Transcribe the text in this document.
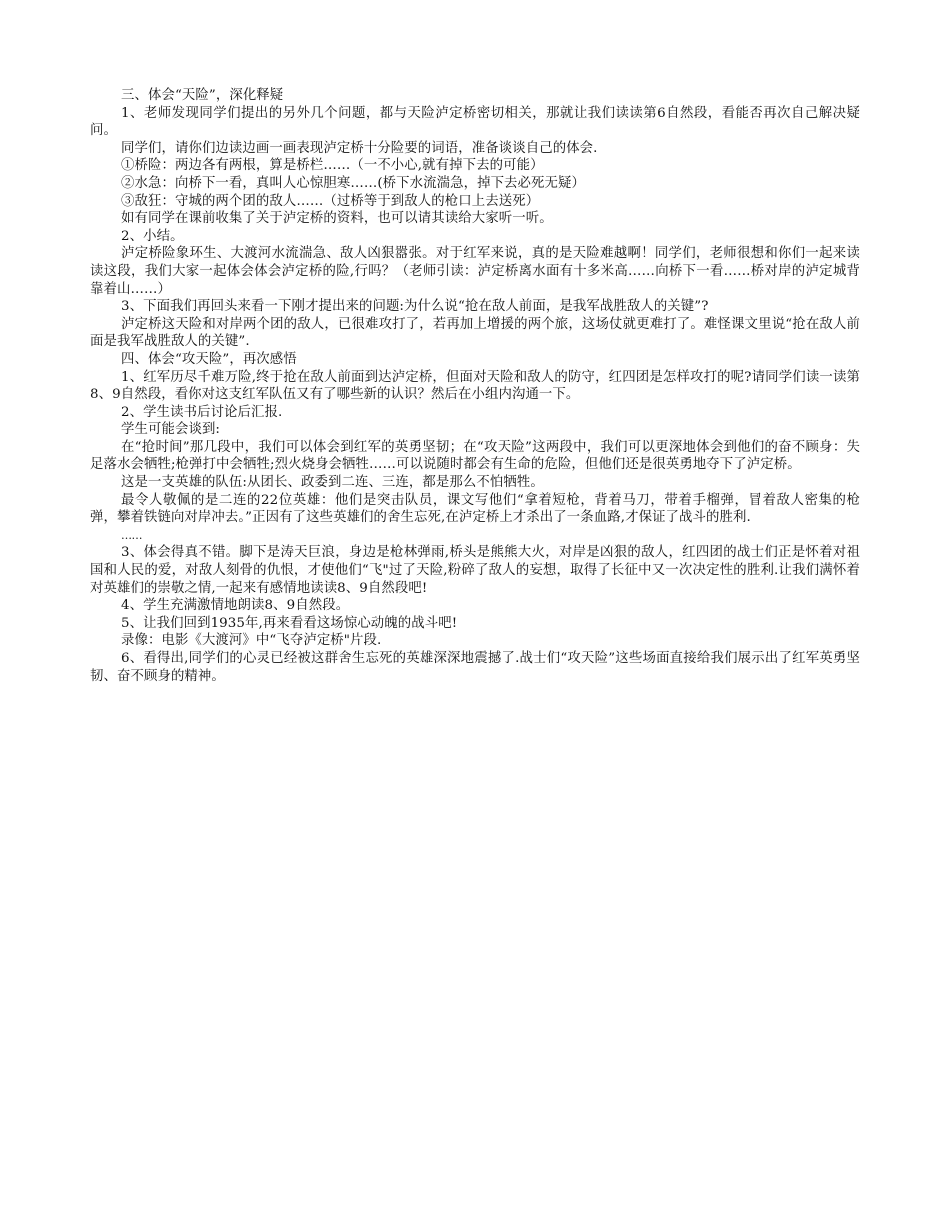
三、体会“天险”，深化释疑

1、老师发现同学们提出的另外几个问题，都与天险泸定桥密切相关，那就让我们读读第6自然段，看能否再次自己解决疑问。

同学们，请你们边读边画一画表现泸定桥十分险要的词语，准备谈谈自己的体会.

①桥险：两边各有两根，算是桥栏……（一不小心,就有掉下去的可能）

②水急：向桥下一看，真叫人心惊胆寒……(桥下水流湍急，掉下去必死无疑）

③敌狂：守城的两个团的敌人……（过桥等于到敌人的枪口上去送死）

如有同学在课前收集了关于泸定桥的资料，也可以请其读给大家听一听。

2、小结。

泸定桥险象环生、大渡河水流湍急、敌人凶狠嚣张。对于红军来说，真的是天险难越啊！同学们，老师很想和你们一起来读读这段，我们大家一起体会体会泸定桥的险,行吗？（老师引读：泸定桥离水面有十多米高……向桥下一看……桥对岸的泸定城背靠着山……）

3、下面我们再回头来看一下刚才提出来的问题:为什么说“抢在敌人前面，是我军战胜敌人的关键”?

泸定桥这天险和对岸两个团的敌人，已很难攻打了，若再加上增援的两个旅，这场仗就更难打了。难怪课文里说“抢在敌人前面是我军战胜敌人的关键”.

四、体会“攻天险”，再次感悟

1、红军历尽千难万险,终于抢在敌人前面到达泸定桥，但面对天险和敌人的防守，红四团是怎样攻打的呢?请同学们读一读第8、9自然段，看你对这支红军队伍又有了哪些新的认识？然后在小组内沟通一下。

2、学生读书后讨论后汇报.

学生可能会谈到:

在“抢时间”那几段中，我们可以体会到红军的英勇坚韧；在“攻天险”这两段中，我们可以更深地体会到他们的奋不顾身：失足落水会牺牲;枪弹打中会牺牲;烈火烧身会牺牲……可以说随时都会有生命的危险，但他们还是很英勇地夺下了泸定桥。

这是一支英雄的队伍:从团长、政委到二连、三连，都是那么不怕牺牲。

最令人敬佩的是二连的22位英雄：他们是突击队员，课文写他们“拿着短枪，背着马刀，带着手榴弹，冒着敌人密集的枪弹，攀着铁链向对岸冲去。”正因有了这些英雄们的舍生忘死,在泸定桥上才杀出了一条血路,才保证了战斗的胜利.

……

3、体会得真不错。脚下是涛天巨浪，身边是枪林弹雨,桥头是熊熊大火，对岸是凶狠的敌人，红四团的战士们正是怀着对祖国和人民的爱，对敌人刻骨的仇恨，才使他们“飞"过了天险,粉碎了敌人的妄想，取得了长征中又一次决定性的胜利.让我们满怀着对英雄们的崇敬之情,一起来有感情地读读8、9自然段吧!

4、学生充满激情地朗读8、9自然段。

5、让我们回到1935年,再来看看这场惊心动魄的战斗吧!

录像：电影《大渡河》中“飞夺泸定桥"片段.

6、看得出,同学们的心灵已经被这群舍生忘死的英雄深深地震撼了.战士们“攻天险”这些场面直接给我们展示出了红军英勇坚韧、奋不顾身的精神。
